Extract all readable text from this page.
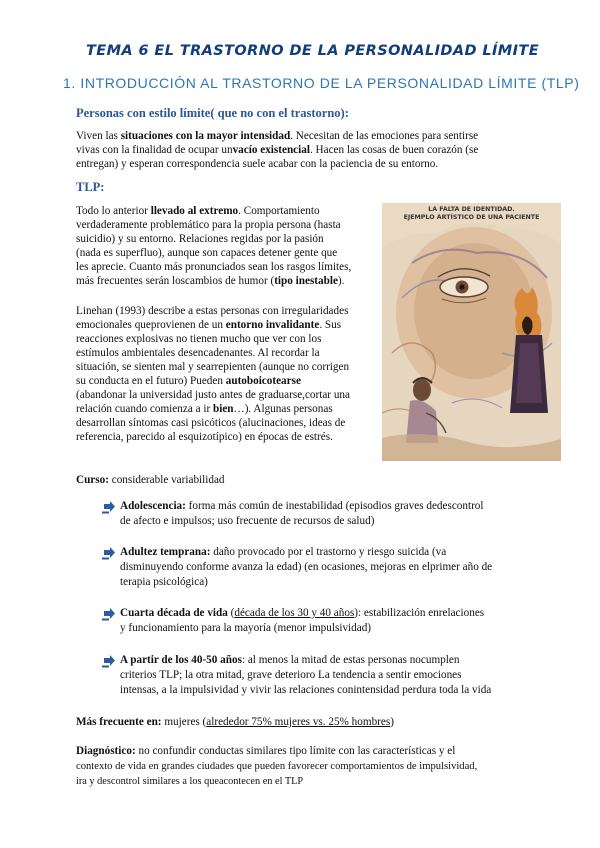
TEMA 6 EL TRASTORNO DE LA PERSONALIDAD LÍMITE
1. INTRODUCCIÓN AL TRASTORNO DE LA PERSONALIDAD LÍMITE (TLP)
Personas con estilo límite( que no con el trastorno):
Viven las situaciones con la mayor intensidad. Necesitan de las emociones para sentirse
vivas con la finalidad de ocupar unvacío existencial. Hacen las cosas de buen corazón (se
entregan) y esperan correspondencia suele acabar con la paciencia de su entorno.
TLP:
Todo lo anterior llevado al extremo. Comportamiento
verdaderamente problemático para la propia persona (hasta
suicidio) y su entorno. Relaciones regidas por la pasión
(nada es superfluo), aunque son capaces detener gente que
les aprecie. Cuanto más pronunciados sean los rasgos límites,
más frecuentes serán loscambios de humor (tipo inestable).
Linehan (1993) describe a estas personas con irregularidades
emocionales queprovienen de un entorno invalidante. Sus
reacciones explosivas no tienen mucho que ver con los
estímulos ambientales desencadenantes. Al recordar la
situación, se sienten mal y searrepienten (aunque no corrigen
su conducta en el futuro) Pueden autoboicotearse
(abandonar la universidad justo antes de graduarse,cortar una
relación cuando comienza a ir bien…). Algunas personas
desarrollan síntomas casi psicóticos (alucinaciones, ideas de
referencia, parecido al esquizotípico) en épocas de estrés.
LA FALTA DE IDENTIDAD.
EJEMPLO ARTÍSTICO DE UNA PACIENTE
Curso: considerable variabilidad
Adolescencia: forma más común de inestabilidad (episodios graves dedescontrol
de afecto e impulsos; uso frecuente de recursos de salud)
Adultez temprana: daño provocado por el trastorno y riesgo suicida (va
disminuyendo conforme avanza la edad) (en ocasiones, mejoras en elprimer año de
terapia psicológica)
Cuarta década de vida (década de los 30 y 40 años): estabilización enrelaciones
y funcionamiento para la mayoría (menor impulsividad)
A partir de los 40-50 años: al menos la mitad de estas personas nocumplen
criterios TLP; la otra mitad, grave deterioro La tendencia a sentir emociones
intensas, a la impulsividad y vivir las relaciones conintensidad perdura toda la vida
Más frecuente en: mujeres (alrededor 75% mujeres vs. 25% hombres)
Diagnóstico: no confundir conductas similares tipo límite con las características y el
contexto de vida en grandes ciudades que pueden favorecer comportamientos de impulsividad,
ira y descontrol similares a los queacontecen en el TLP
